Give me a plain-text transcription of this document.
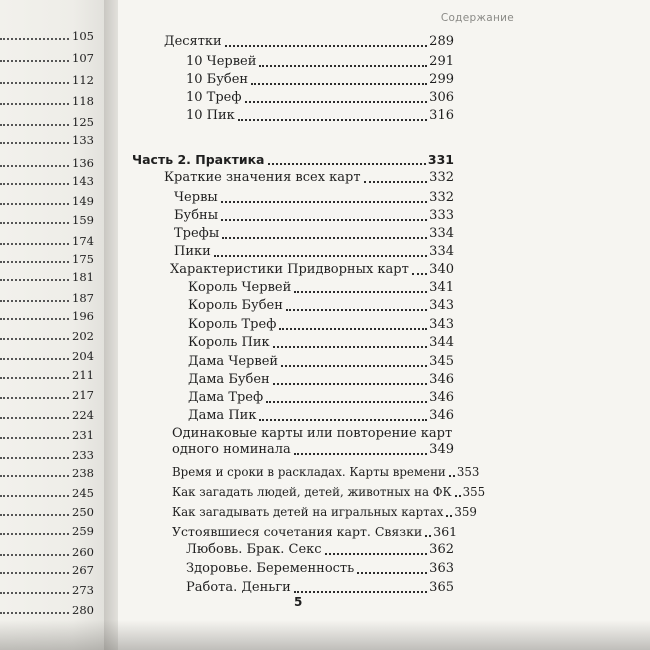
105
107
112
118
125
133
136
143
149
159
174
175
181
187
196
202
204
211
217
224
231
233
238
245
250
259
260
267
273
280
Содержание
Десятки	289
10 Червей	291
10 Бубен	299
10 Треф	306
10 Пик	316
Часть 2. Практика	331
Краткие значения всех карт	332
Червы	332
Бубны	333
Трефы	334
Пики	334
Характеристики Придворных карт 340
Король Червей	341
Король Бубен	343
Король Треф	343
Король Пик	344
Дама Червей	345
Дама Бубен	346
Дама Треф	346
Дама Пик	346
Одинаковые карты или повторение карт
одного номинала	349
Время и сроки в раскладах. Карты времени 353
Как загадать людей, детей, животных на ФК 355
Как загадывать детей на игральных картах 359
Устоявшиеся сочетания карт. Связки 361
Любовь. Брак. Секс	362
Здоровье. Беременность	363
Работа. Деньги	365
5
